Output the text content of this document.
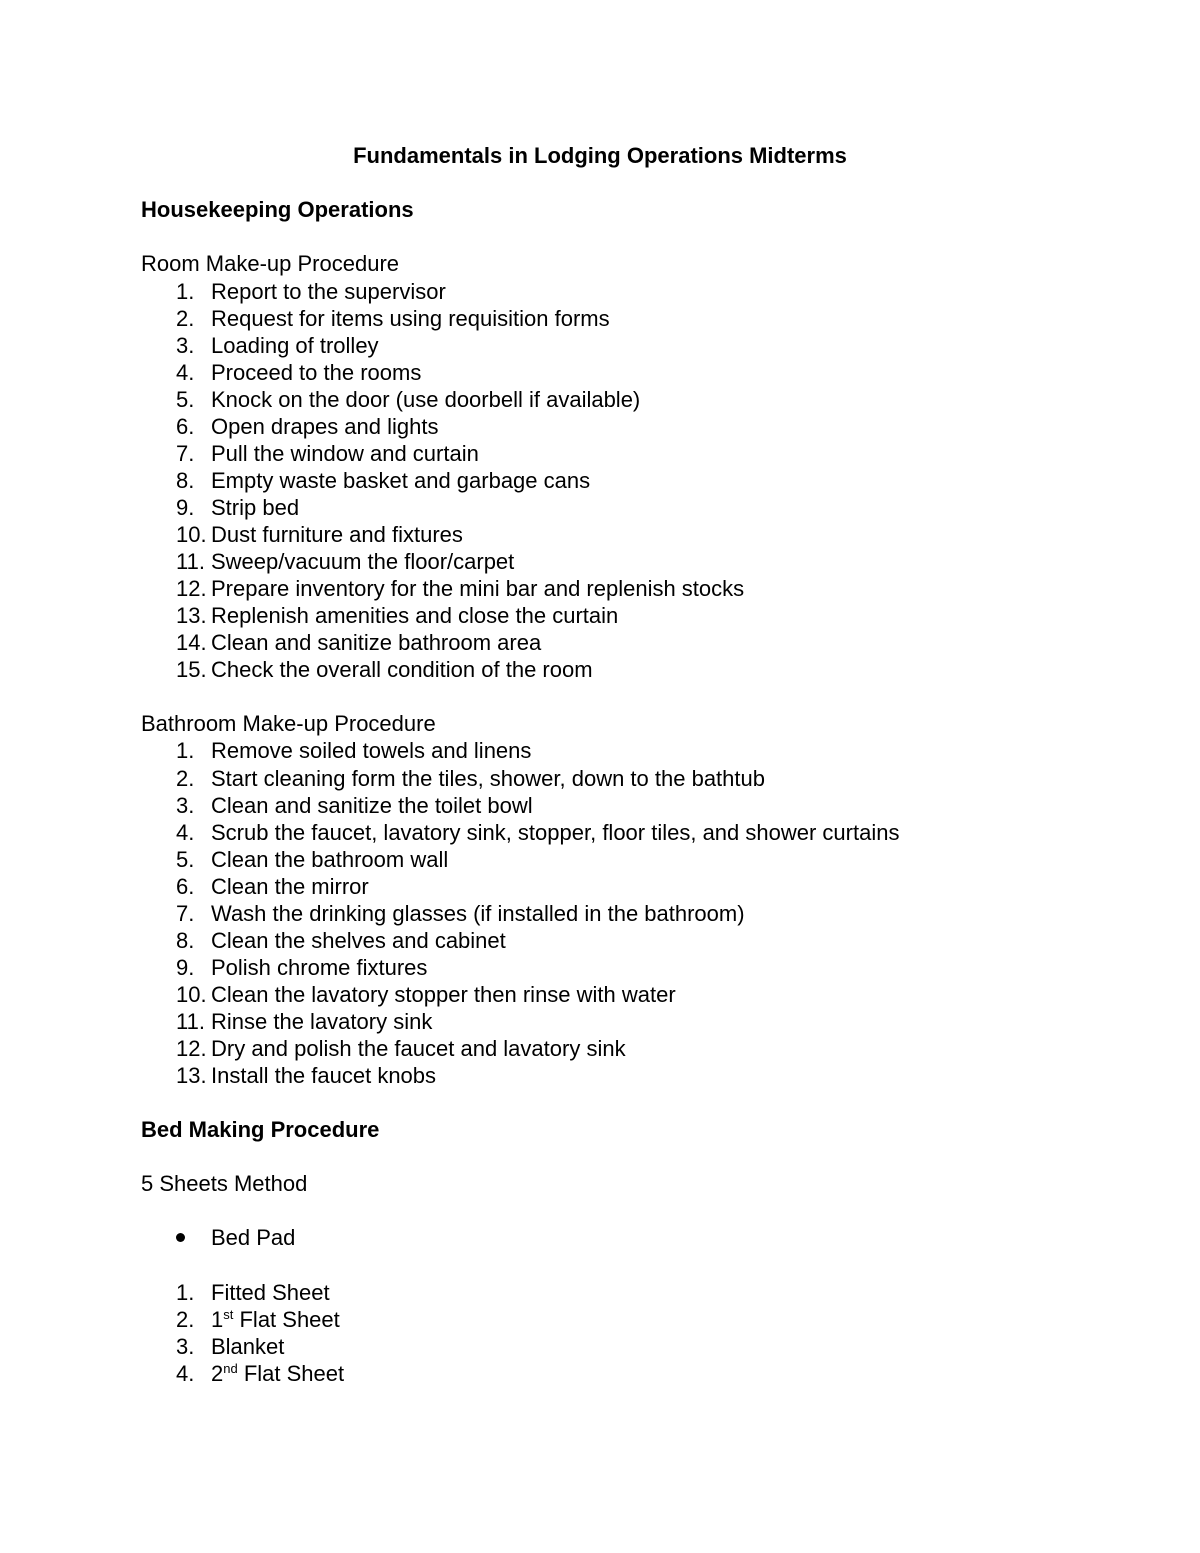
Fundamentals in Lodging Operations Midterms
Housekeeping Operations
Room Make-up Procedure
1. Report to the supervisor
2. Request for items using requisition forms
3. Loading of trolley
4. Proceed to the rooms
5. Knock on the door (use doorbell if available)
6. Open drapes and lights
7. Pull the window and curtain
8. Empty waste basket and garbage cans
9. Strip bed
10. Dust furniture and fixtures
11. Sweep/vacuum the floor/carpet
12. Prepare inventory for the mini bar and replenish stocks
13. Replenish amenities and close the curtain
14. Clean and sanitize bathroom area
15. Check the overall condition of the room
Bathroom Make-up Procedure
1. Remove soiled towels and linens
2. Start cleaning form the tiles, shower, down to the bathtub
3. Clean and sanitize the toilet bowl
4. Scrub the faucet, lavatory sink, stopper, floor tiles, and shower curtains
5. Clean the bathroom wall
6. Clean the mirror
7. Wash the drinking glasses (if installed in the bathroom)
8. Clean the shelves and cabinet
9. Polish chrome fixtures
10. Clean the lavatory stopper then rinse with water
11. Rinse the lavatory sink
12. Dry and polish the faucet and lavatory sink
13. Install the faucet knobs
Bed Making Procedure
5 Sheets Method
Bed Pad
1. Fitted Sheet
2. 1st Flat Sheet
3. Blanket
4. 2nd Flat Sheet
